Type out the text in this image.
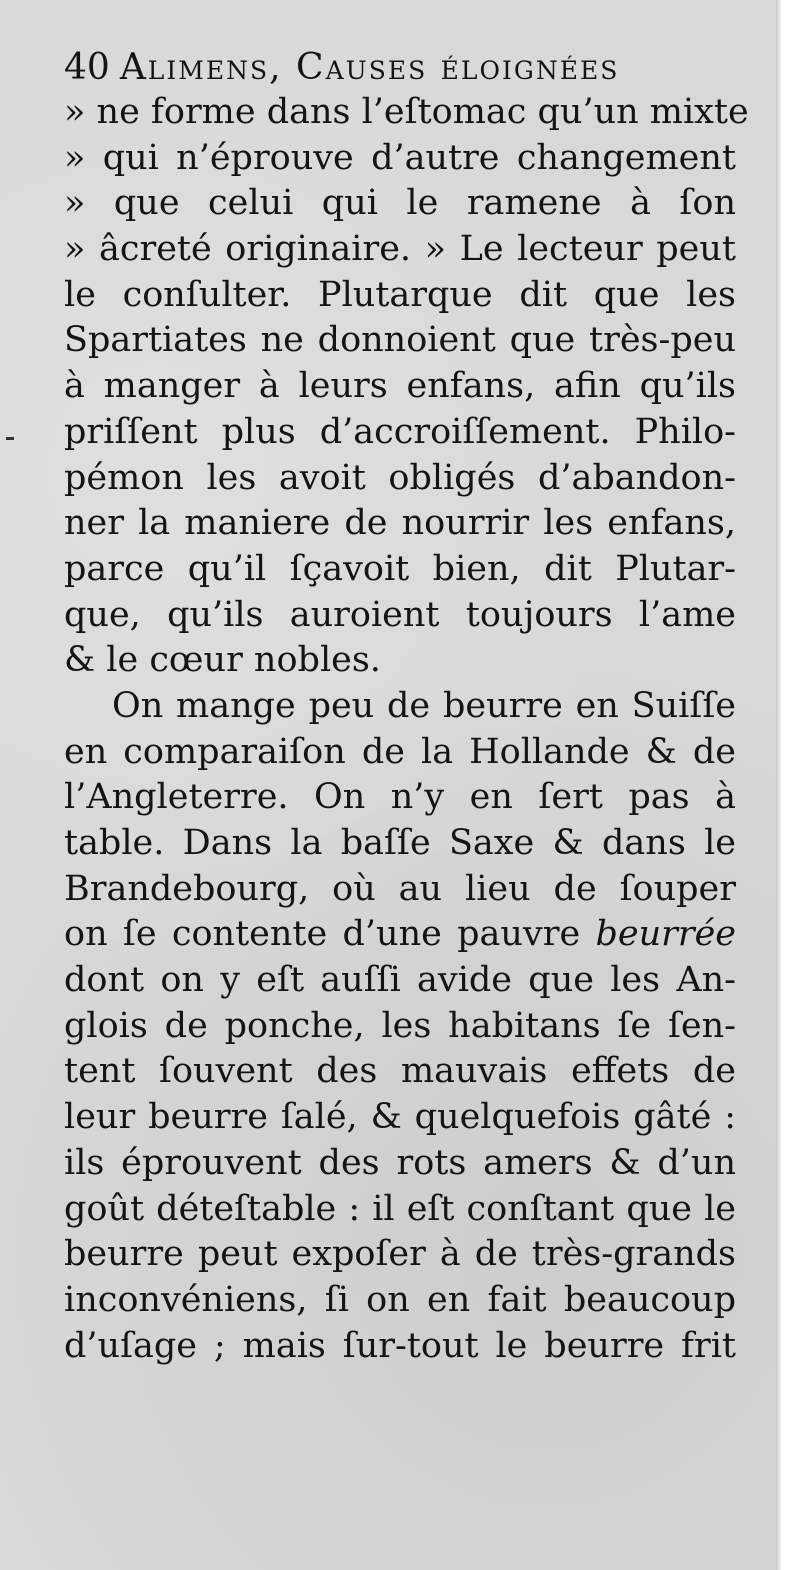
40 Alimens, Causes éloignées
» ne forme dans l’eſtomac qu’un mixte
» qui n’éprouve d’autre changement
» que celui qui le ramene à ſon
» âcreté originaire. » Le lecteur peut
le conſulter. Plutarque dit que les
Spartiates ne donnoient que très-peu
à manger à leurs enfans, afin qu’ils
priſſent plus d’accroiſſement. Philo-
pémon les avoit obligés d’abandon-
ner la maniere de nourrir les enfans,
parce qu’il ſçavoit bien, dit Plutar-
que, qu’ils auroient toujours l’ame
& le cœur nobles.
On mange peu de beurre en Suiſſe
en comparaiſon de la Hollande & de
l’Angleterre. On n’y en ſert pas à
table. Dans la baſſe Saxe & dans le
Brandebourg, où au lieu de ſouper
on ſe contente d’une pauvre beurrée
dont on y eſt auſſi avide que les An-
glois de ponche, les habitans ſe ſen-
tent ſouvent des mauvais effets de
leur beurre ſalé, & quelquefois gâté :
ils éprouvent des rots amers & d’un
goût déteſtable : il eſt conſtant que le
beurre peut expoſer à de très-grands
inconvéniens, ſi on en fait beaucoup
d’uſage ; mais ſur-tout le beurre frit
